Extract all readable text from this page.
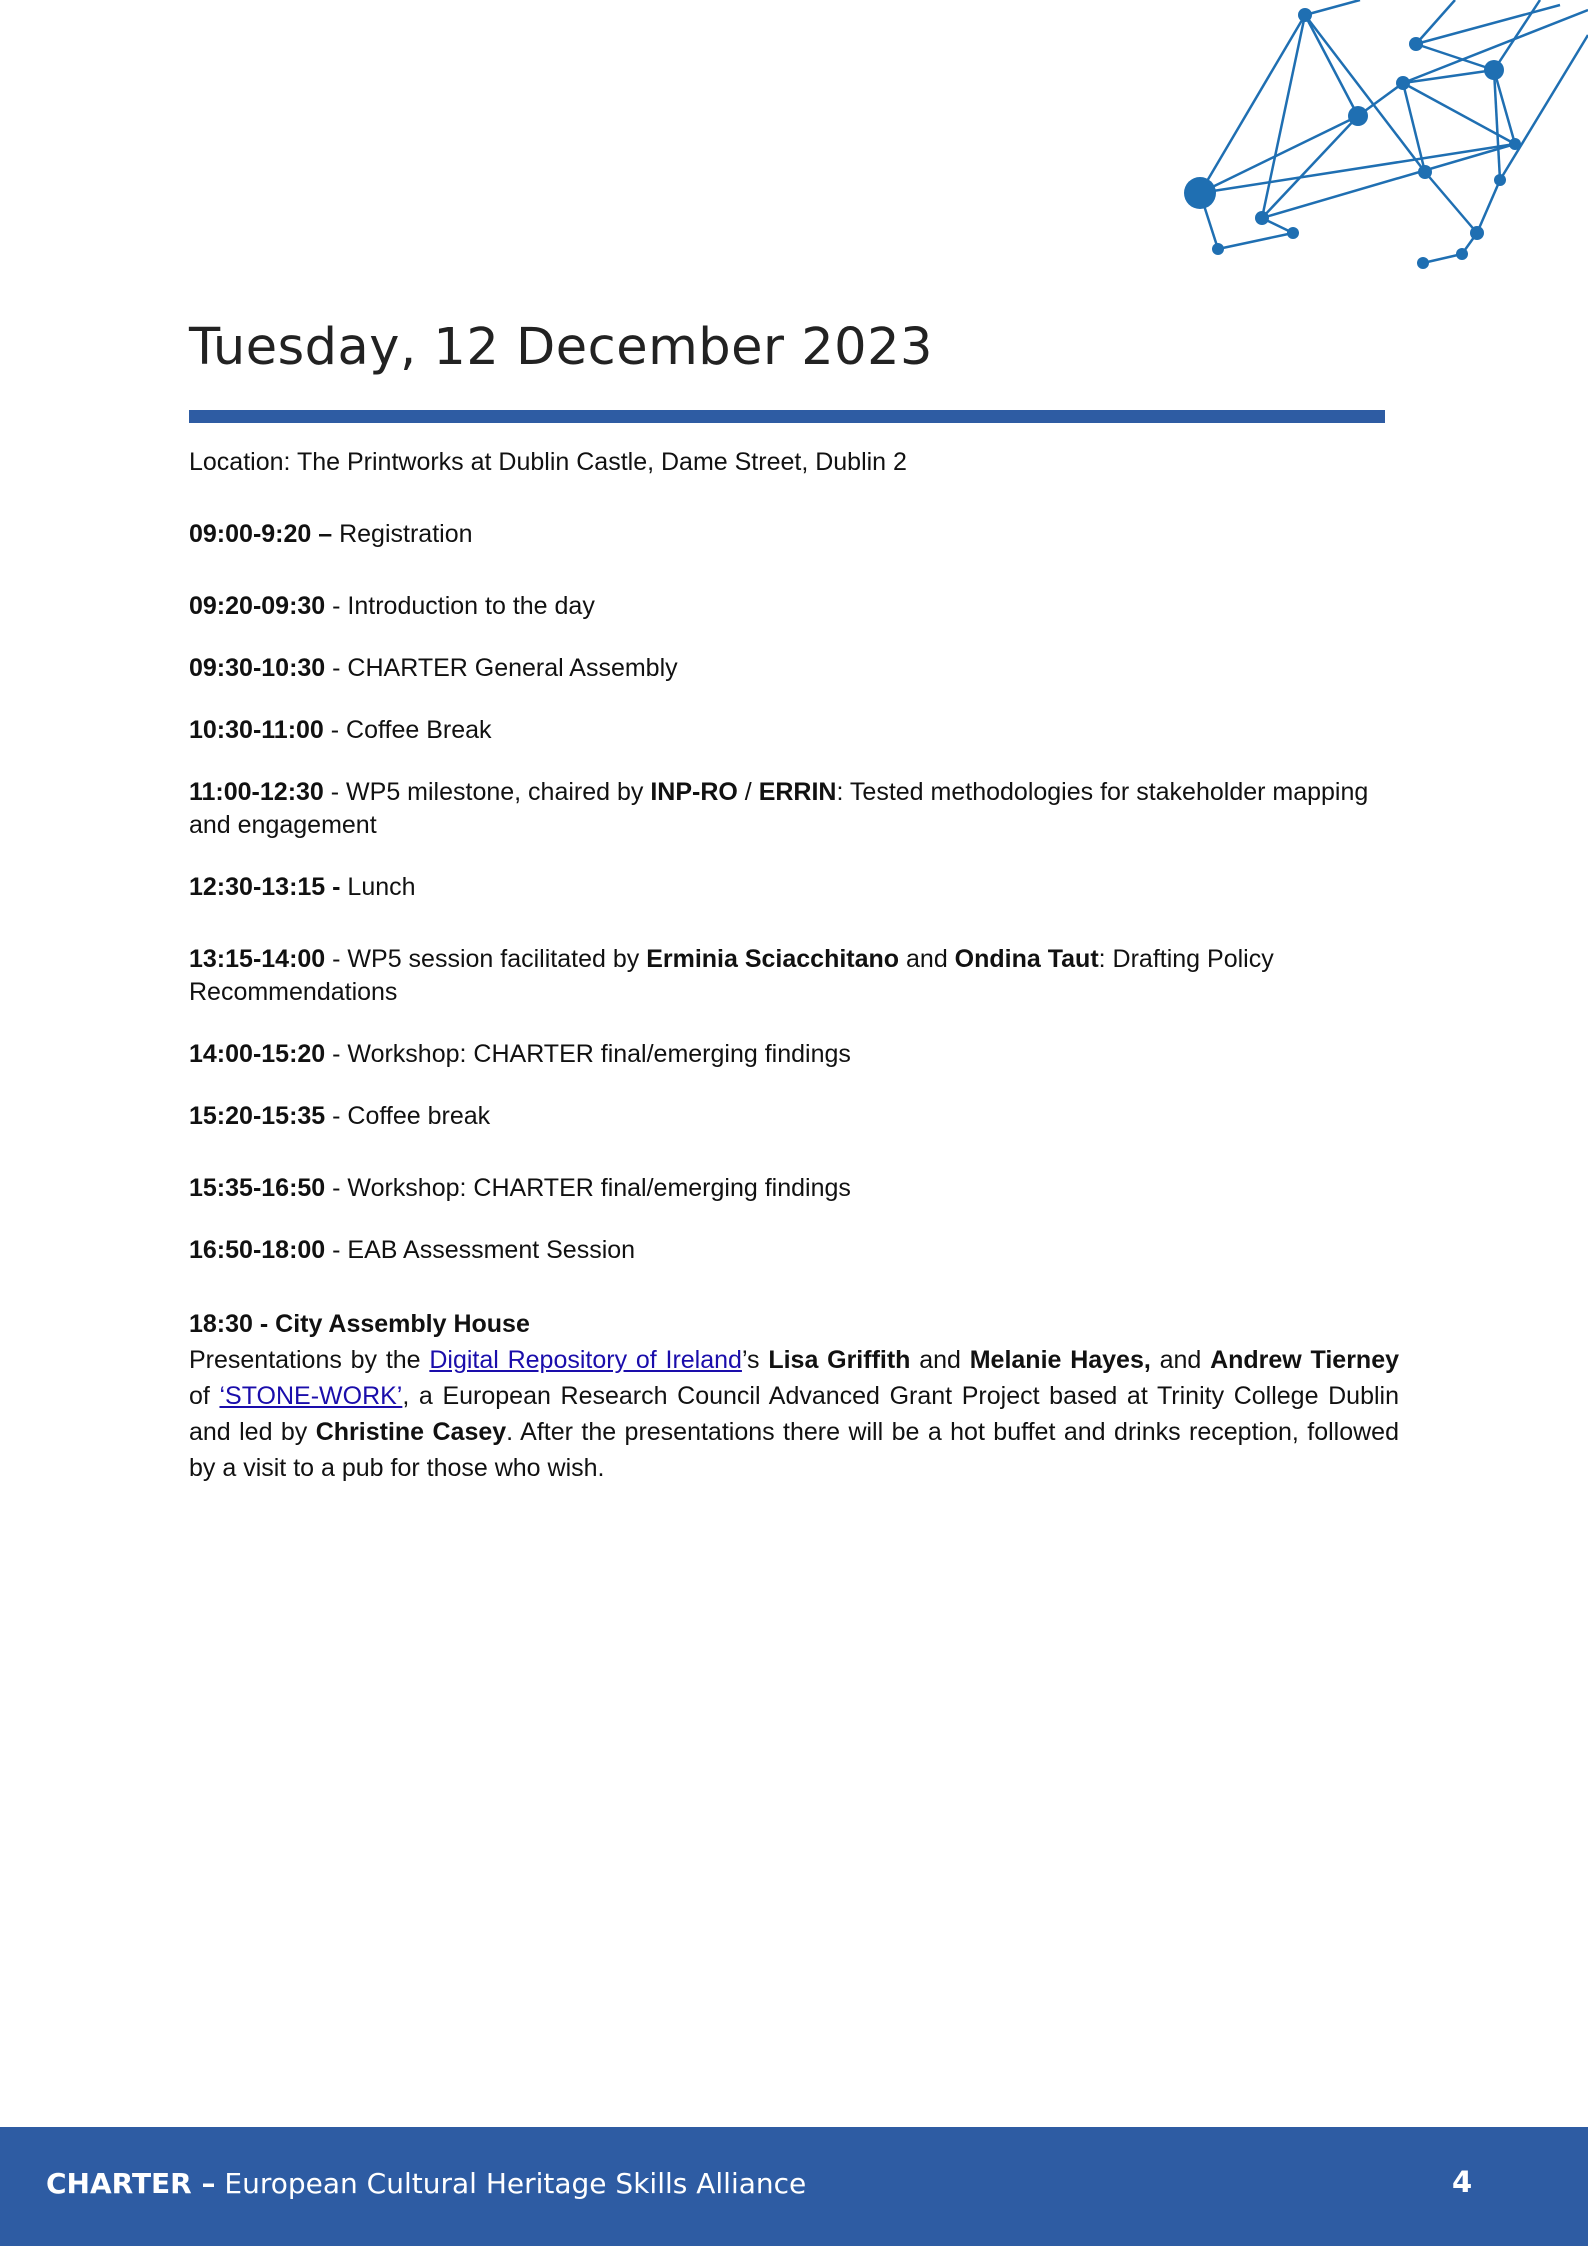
Tuesday, 12 December 2023

Location: The Printworks at Dublin Castle, Dame Street, Dublin 2

09:00-9:20 – Registration

09:20-09:30 - Introduction to the day

09:30-10:30 - CHARTER General Assembly

10:30-11:00 - Coffee Break

11:00-12:30 - WP5 milestone, chaired by INP-RO / ERRIN: Tested methodologies for stakeholder mapping and engagement

12:30-13:15 - Lunch

13:15-14:00 - WP5 session facilitated by Erminia Sciacchitano and Ondina Taut: Drafting Policy Recommendations

14:00-15:20 - Workshop: CHARTER final/emerging findings

15:20-15:35 - Coffee break

15:35-16:50 - Workshop: CHARTER final/emerging findings

16:50-18:00 - EAB Assessment Session

18:30 - City Assembly House

Presentations by the Digital Repository of Ireland’s Lisa Griffith and Melanie Hayes, and Andrew Tierney of ‘STONE-WORK’, a European Research Council Advanced Grant Project based at Trinity College Dublin and led by Christine Casey. After the presentations there will be a hot buffet and drinks reception, followed by a visit to a pub for those who wish.

CHARTER – European Cultural Heritage Skills Alliance	4
